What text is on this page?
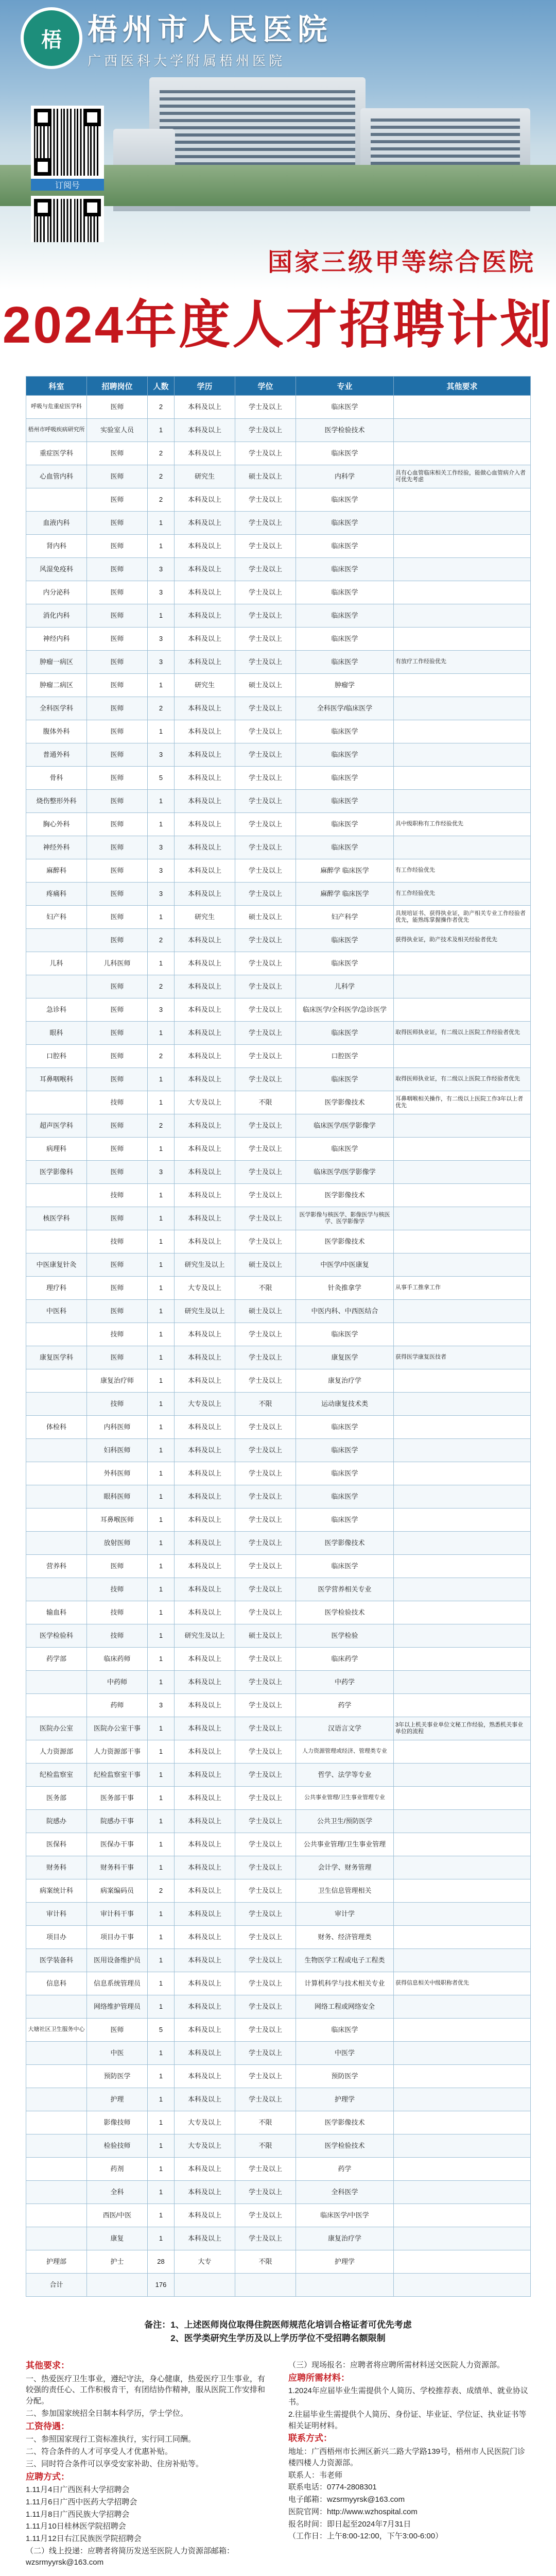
梧 梧州市人民医院
广西医科大学附属梧州医院
订阅号
国家三级甲等综合医院
2024年度人才招聘计划
科室	招聘岗位	人数	学历	学位	专业	其他要求
呼吸与危重症医学科	医师	2	本科及以上	学士及以上	临床医学	
梧州市呼吸疾病研究所	实验室人员	1	本科及以上	学士及以上	医学检验技术	
重症医学科	医师	2	本科及以上	学士及以上	临床医学	
心血管内科	医师	2	研究生	硕士及以上	内科学	具有心血管临床相关工作经验，能做心血管病介入者可优先考虑
	医师	2	本科及以上	学士及以上	临床医学	
血液内科	医师	1	本科及以上	学士及以上	临床医学	
肾内科	医师	1	本科及以上	学士及以上	临床医学	
风湿免疫科	医师	3	本科及以上	学士及以上	临床医学	
内分泌科	医师	3	本科及以上	学士及以上	临床医学	
消化内科	医师	1	本科及以上	学士及以上	临床医学	
神经内科	医师	3	本科及以上	学士及以上	临床医学	
肿瘤一病区	医师	3	本科及以上	学士及以上	临床医学	有放疗工作经验优先
肿瘤二病区	医师	1	研究生	硕士及以上	肿瘤学	
全科医学科	医师	2	本科及以上	学士及以上	全科医学/临床医学	
腹体外科	医师	1	本科及以上	学士及以上	临床医学	
普通外科	医师	3	本科及以上	学士及以上	临床医学	
骨科	医师	5	本科及以上	学士及以上	临床医学	
烧伤整形外科	医师	1	本科及以上	学士及以上	临床医学	
胸心外科	医师	1	本科及以上	学士及以上	临床医学	具中级职称有工作经验优先
神经外科	医师	3	本科及以上	学士及以上	临床医学	
麻醉科	医师	3	本科及以上	学士及以上	麻醉学 临床医学	有工作经验优先
疼痛科	医师	3	本科及以上	学士及以上	麻醉学 临床医学	有工作经验优先
妇产科	医师	1	研究生	硕士及以上	妇产科学	具规培证书、获得执业证，助产相关专业工作经验者优先，能熟练掌握操作者优先
	医师	2	本科及以上	学士及以上	临床医学	获得执业证，助产技术及相关经验者优先
儿科	儿科医师	1	本科及以上	学士及以上	临床医学	
	医师	2	本科及以上	学士及以上	儿科学	
急诊科	医师	3	本科及以上	学士及以上	临床医学/全科医学/急诊医学	
眼科	医师	1	本科及以上	学士及以上	临床医学	取得医师执业证，有二级以上医院工作经验者优先
口腔科	医师	2	本科及以上	学士及以上	口腔医学	
耳鼻咽喉科	医师	1	本科及以上	学士及以上	临床医学	取得医师执业证，有二级以上医院工作经验者优先
	技师	1	大专及以上	不限	医学影像技术	耳鼻咽喉相关操作，有二级以上医院工作3年以上者优先
超声医学科	医师	2	本科及以上	学士及以上	临床医学/医学影像学	
病理科	医师	1	本科及以上	学士及以上	临床医学	
医学影像科	医师	3	本科及以上	学士及以上	临床医学/医学影像学	
	技师	1	本科及以上	学士及以上	医学影像技术	
核医学科	医师	1	本科及以上	学士及以上	医学影像与核医学、影像医学与核医学、医学影像学	
	技师	1	本科及以上	学士及以上	医学影像技术	
中医康复针灸	医师	1	研究生及以上	硕士及以上	中医学/中医康复	
理疗科	医师	1	大专及以上	不限	针灸推拿学	从事手工推拿工作
中医科	医师	1	研究生及以上	硕士及以上	中医内科、中西医结合	
	技师	1	本科及以上	学士及以上	临床医学	
康复医学科	医师	1	本科及以上	学士及以上	康复医学	获得医学康复医技者
	康复治疗师	1	本科及以上	学士及以上	康复治疗学	
	技师	1	大专及以上	不限	运动康复技术类	
体检科	内科医师	1	本科及以上	学士及以上	临床医学	
	妇科医师	1	本科及以上	学士及以上	临床医学	
	外科医师	1	本科及以上	学士及以上	临床医学	
	眼科医师	1	本科及以上	学士及以上	临床医学	
	耳鼻喉医师	1	本科及以上	学士及以上	临床医学	
	放射医师	1	本科及以上	学士及以上	医学影像技术	
营养科	医师	1	本科及以上	学士及以上	临床医学	
	技师	1	本科及以上	学士及以上	医学营养相关专业	
输血科	技师	1	本科及以上	学士及以上	医学检验技术	
医学检验科	技师	1	研究生及以上	硕士及以上	医学检验	
药学部	临床药师	1	本科及以上	学士及以上	临床药学	
	中药师	1	本科及以上	学士及以上	中药学	
	药师	3	本科及以上	学士及以上	药学	
医院办公室	医院办公室干事	1	本科及以上	学士及以上	汉语言文学	3年以上机关事业单位文秘工作经验，熟悉机关事业单位的流程
人力资源部	人力资源部干事	1	本科及以上	学士及以上	人力资源管理或经济、管理类专业	
纪检监察室	纪检监察室干事	1	本科及以上	学士及以上	哲学、法学等专业	
医务部	医务部干事	1	本科及以上	学士及以上	公共事业管理/卫生事业管理专业	
院感办	院感办干事	1	本科及以上	学士及以上	公共卫生/预防医学	
医保科	医保办干事	1	本科及以上	学士及以上	公共事业管理/卫生事业管理	
财务科	财务科干事	1	本科及以上	学士及以上	会计学、财务管理	
病案统计科	病案编码员	2	本科及以上	学士及以上	卫生信息管理相关	
审计科	审计科干事	1	本科及以上	学士及以上	审计学	
项目办	项目办干事	1	本科及以上	学士及以上	财务、经济管理类	
医学装备科	医用设备维护员	1	本科及以上	学士及以上	生物医学工程或电子工程类	
信息科	信息系统管理员	1	本科及以上	学士及以上	计算机科学与技术相关专业	获得信息相关中级职称者优先
	网络维护管理员	1	本科及以上	学士及以上	网络工程或网络安全	
大塘社区卫生服务中心	医师	5	本科及以上	学士及以上	临床医学	
	中医	1	本科及以上	学士及以上	中医学	
	预防医学	1	本科及以上	学士及以上	预防医学	
	护理	1	本科及以上	学士及以上	护理学	
	影像技师	1	大专及以上	不限	医学影像技术	
	检验技师	1	大专及以上	不限	医学检验技术	
	药剂	1	本科及以上	学士及以上	药学	
	全科	1	本科及以上	学士及以上	全科医学	
	西医/中医	1	本科及以上	学士及以上	临床医学/中医学	
	康复	1	本科及以上	学士及以上	康复治疗学	
护理部	护士	28	大专	不限	护理学	
合计		176				
备注：1、上述医师岗位取得住院医师规范化培训合格证者可优先考虑
2、医学类研究生学历及以上学历学位不受招聘名额限制

其他要求：

一、热爱医疗卫生事业，遵纪守法，身心健康，热爱医疗卫生事业，有较强的责任心、工作积极肯干，有团结协作精神，服从医院工作安排和分配。

二、参加国家统招全日制本科学历，学士学位。

工资待遇：

一、参照国家现行工资标准执行，实行同工同酬。

二、符合条件的人才可享受人才优惠补贴。

三、同时符合条件可以享受安家补助、住房补贴等。

应聘方式：

1.11月4日广西医科大学招聘会

1.11月6日广西中医药大学招聘会

1.11月8日广西民族大学招聘会

1.11月10日桂林医学院招聘会

1.11月12日右江民族医学院招聘会

（二）线上投递：应聘者将简历发送至医院人力资源部邮箱：wzsrmyyrsk@163.com

（三）现场报名：应聘者将应聘所需材料送交医院人力资源部。

应聘所需材料：

1.2024年应届毕业生需提供个人简历、学校推荐表、成绩单、就业协议书。

2.往届毕业生需提供个人简历、身份证、毕业证、学位证、执业证书等相关证明材料。

联系方式：

地址：广西梧州市长洲区新兴二路大学路139号，梧州市人民医院门诊楼四楼人力资源部。

联系人：韦老师

联系电话：0774-2808301

电子邮箱：wzsrmyyrsk@163.com

医院官网：http://www.wzhospital.com

报名时间：即日起至2024年7月31日

（工作日：上午8:00-12:00，下午3:00-6:00）
